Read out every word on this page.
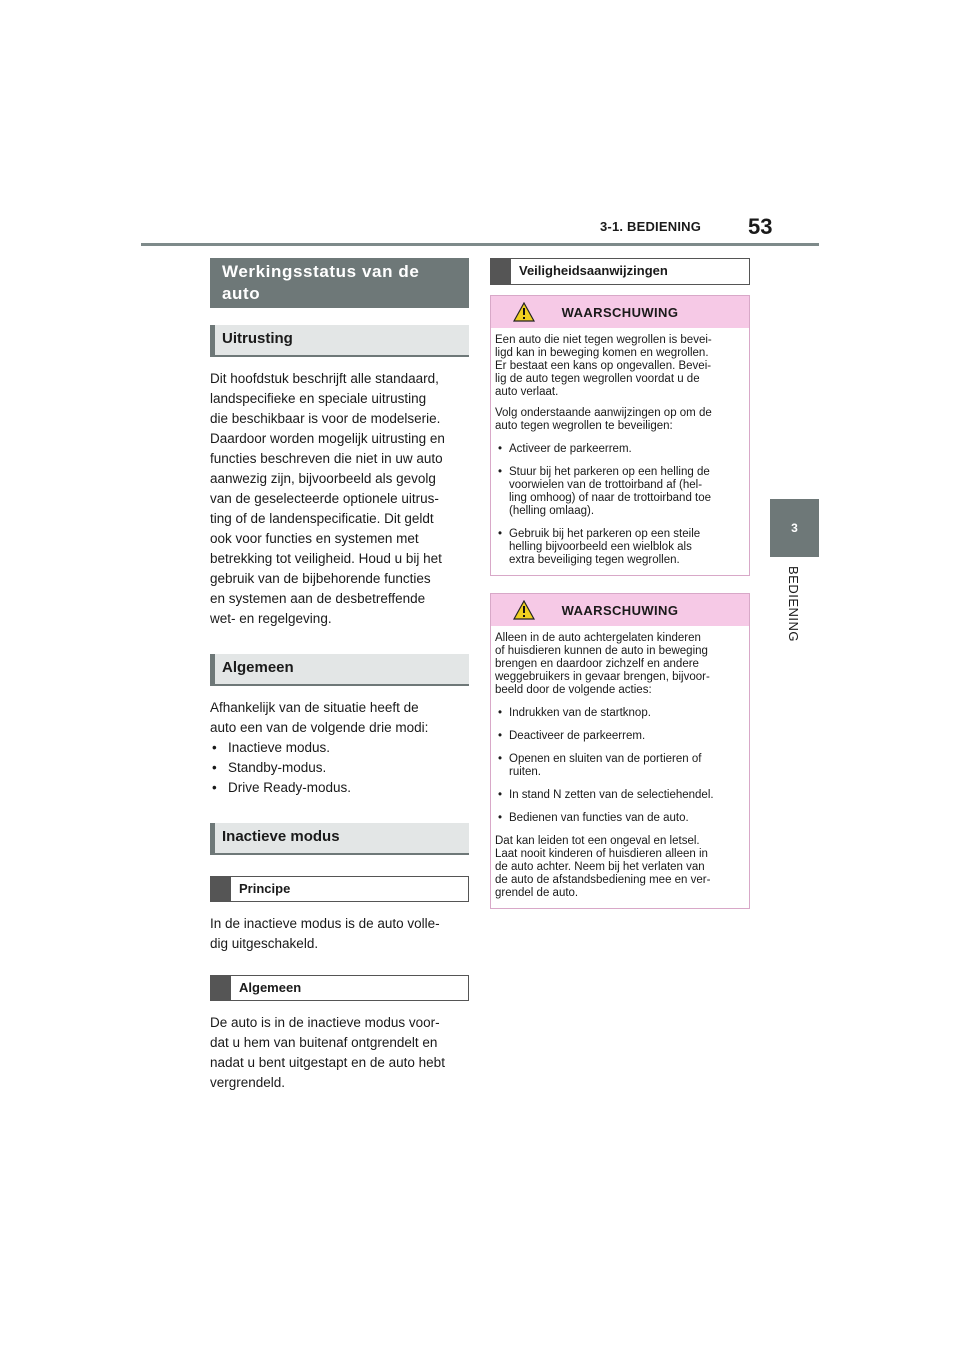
3-1. BEDIENING 53
3
BEDIENING
Werkingsstatus van de auto
Uitrusting

Dit hoofdstuk beschrijft alle standaard,
landspecifieke en speciale uitrusting
die beschikbaar is voor de modelserie.
Daardoor worden mogelijk uitrusting en
functies beschreven die niet in uw auto
aanwezig zijn, bijvoorbeeld als gevolg
van de geselecteerde optionele uitrus-
ting of de landenspecificatie. Dit geldt
ook voor functies en systemen met
betrekking tot veiligheid. Houd u bij het
gebruik van de bijbehorende functies
en systemen aan de desbetreffende
wet- en regelgeving.

Algemeen

Afhankelijk van de situatie heeft de
auto een van de volgende drie modi:

• Inactieve modus.
• Standby-modus.
• Drive Ready-modus.
Inactieve modus
Principe

In de inactieve modus is de auto volle-
dig uitgeschakeld.

Algemeen

De auto is in de inactieve modus voor-
dat u hem van buitenaf ontgrendelt en
nadat u bent uitgestapt en de auto hebt
vergrendeld.

Veiligheidsaanwijzingen
WAARSCHUWING

Een auto die niet tegen wegrollen is bevei-
ligd kan in beweging komen en wegrollen.
Er bestaat een kans op ongevallen. Bevei-
lig de auto tegen wegrollen voordat u de
auto verlaat.

Volg onderstaande aanwijzingen op om de
auto tegen wegrollen te beveiligen:

• Activeer de parkeerrem.
• Stuur bij het parkeren op een helling de
voorwielen van de trottoirband af (hel-
ling omhoog) of naar de trottoirband toe
(helling omlaag).
• Gebruik bij het parkeren op een steile
helling bijvoorbeeld een wielblok als
extra beveiliging tegen wegrollen.
WAARSCHUWING

Alleen in de auto achtergelaten kinderen
of huisdieren kunnen de auto in beweging
brengen en daardoor zichzelf en andere
weggebruikers in gevaar brengen, bijvoor-
beeld door de volgende acties:

• Indrukken van de startknop.
• Deactiveer de parkeerrem.
• Openen en sluiten van de portieren of
ruiten.
• In stand N zetten van de selectiehendel.
• Bedienen van functies van de auto.

Dat kan leiden tot een ongeval en letsel.
Laat nooit kinderen of huisdieren alleen in
de auto achter. Neem bij het verlaten van
de auto de afstandsbediening mee en ver-
grendel de auto.
